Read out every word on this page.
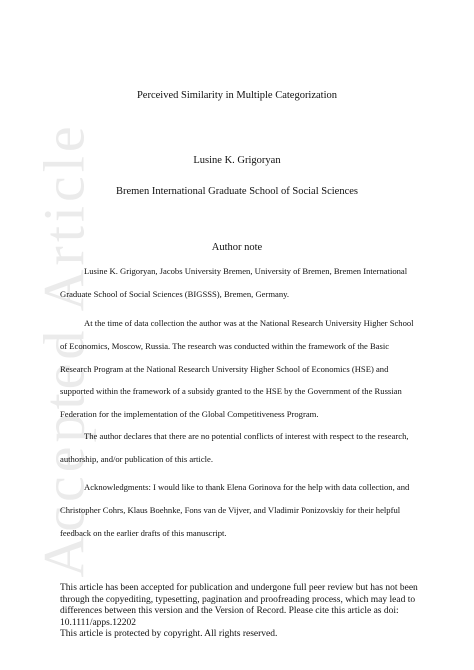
Accepted Article
Perceived Similarity in Multiple Categorization
Lusine K. Grigoryan
Bremen International Graduate School of Social Sciences
Author note

Lusine K. Grigoryan, Jacobs University Bremen, University of Bremen, Bremen International Graduate School of Social Sciences (BIGSSS), Bremen, Germany.

At the time of data collection the author was at the National Research University Higher School of Economics, Moscow, Russia. The research was conducted within the framework of the Basic Research Program at the National Research University Higher School of Economics (HSE) and supported within the framework of a subsidy granted to the HSE by the Government of the Russian Federation for the implementation of the Global Competitiveness Program.

The author declares that there are no potential conflicts of interest with respect to the research, authorship, and/or publication of this article.

Acknowledgments: I would like to thank Elena Gorinova for the help with data collection, and Christopher Cohrs, Klaus Boehnke, Fons van de Vijver, and Vladimir Ponizovskiy for their helpful feedback on the earlier drafts of this manuscript.

This article has been accepted for publication and undergone full peer review but has not been through the copyediting, typesetting, pagination and proofreading process, which may lead to differences between this version and the Version of Record. Please cite this article as doi: 10.1111/apps.12202
This article is protected by copyright. All rights reserved.
